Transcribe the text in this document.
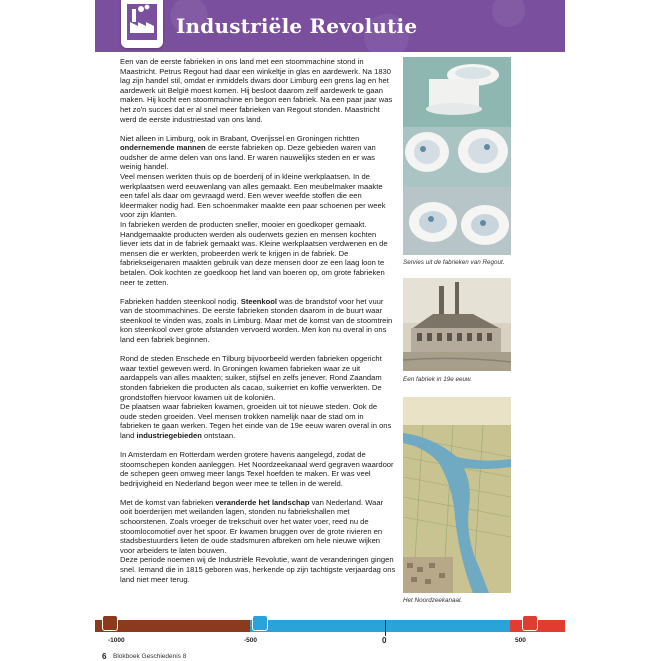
Industriële Revolutie

Een van de eerste fabrieken in ons land met een stoommachine stond in Maastricht. Petrus Regout had daar een winkeltje in glas en aardewerk. Na 1830 lag zijn handel stil, omdat er inmiddels dwars door Limburg een grens lag en het aardewerk uit België moest komen. Hij besloot daarom zelf aardewerk te gaan maken. Hij kocht een stoommachine en begon een fabriek. Na een paar jaar was het zo'n succes dat er al snel meer fabrieken van Regout stonden. Maastricht werd de eerste industriestad van ons land.

Niet alleen in Limburg, ook in Brabant, Overijssel en Groningen richtten
ondernemende mannen de eerste fabrieken op. Deze gebieden waren van oudsher de arme delen van ons land. Er waren nauwelijks steden en er was weinig handel.
Veel mensen werkten thuis op de boerderij of in kleine werkplaatsen. In de werkplaatsen werd eeuwenlang van alles gemaakt. Een meubelmaker maakte een tafel als daar om gevraagd werd. Een wever weefde stoffen die een kleermaker nodig had. Een schoenmaker maakte een paar schoenen per week voor zijn klanten.
In fabrieken werden de producten sneller, mooier en goedkoper gemaakt. Handgemaakte producten werden als ouderwets gezien en mensen kochten liever iets dat in de fabriek gemaakt was. Kleine werkplaatsen verdwenen en de mensen die er werkten, probeerden werk te krijgen in de fabriek. De fabriekseigenaren maakten gebruik van deze mensen door ze een laag loon te betalen. Ook kochten ze goedkoop het land van boeren op, om grote fabrieken neer te zetten.

Fabrieken hadden steenkool nodig. Steenkool was de brandstof voor het vuur van de stoommachines. De eerste fabrieken stonden daarom in de buurt waar steenkool te vinden was, zoals in Limburg. Maar met de komst van de stoomtrein kon steenkool over grote afstanden vervoerd worden. Men kon nu overal in ons land een fabriek beginnen.

Rond de steden Enschede en Tilburg bijvoorbeeld werden fabrieken opgericht waar textiel geweven werd. In Groningen kwamen fabrieken waar ze uit aardappels van alles maakten; suiker, stijfsel en zelfs jenever. Rond Zaandam stonden fabrieken die producten als cacao, suikerriet en koffie verwerkten. De grondstoffen hiervoor kwamen uit de koloniën.
De plaatsen waar fabrieken kwamen, groeiden uit tot nieuwe steden. Ook de oude steden groeiden. Veel mensen trokken namelijk naar de stad om in fabrieken te gaan werken. Tegen het einde van de 19e eeuw waren overal in ons land industriegebieden ontstaan.

In Amsterdam en Rotterdam werden grotere havens aangelegd, zodat de stoomschepen konden aanleggen. Het Noordzeekanaal werd gegraven waardoor de schepen geen omweg meer langs Texel hoefden te maken. Er was veel bedrijvigheid en Nederland begon weer mee te tellen in de wereld.

Met de komst van fabrieken veranderde het landschap van Nederland. Waar ooit boerderijen met weilanden lagen, stonden nu fabriekshallen met schoorstenen. Zoals vroeger de trekschuit over het water voer, reed nu de stoomlocomotief over het spoor. Er kwamen bruggen over de grote rivieren en stadsbestuurders lieten de oude stadsmuren afbreken om hele nieuwe wijken voor arbeiders te laten bouwen.
Deze periode noemen wij de Industriële Revolutie, want de veranderingen gingen snel. Iemand die in 1815 geboren was, herkende op zijn tachtigste verjaardag ons land niet meer terug.

Servies uit de fabrieken van Regout.
Een fabriek in 19e eeuw.
Het Noordzeekanaal.
-1000	-500	0	500
6 Blokboek Geschiedenis 8
